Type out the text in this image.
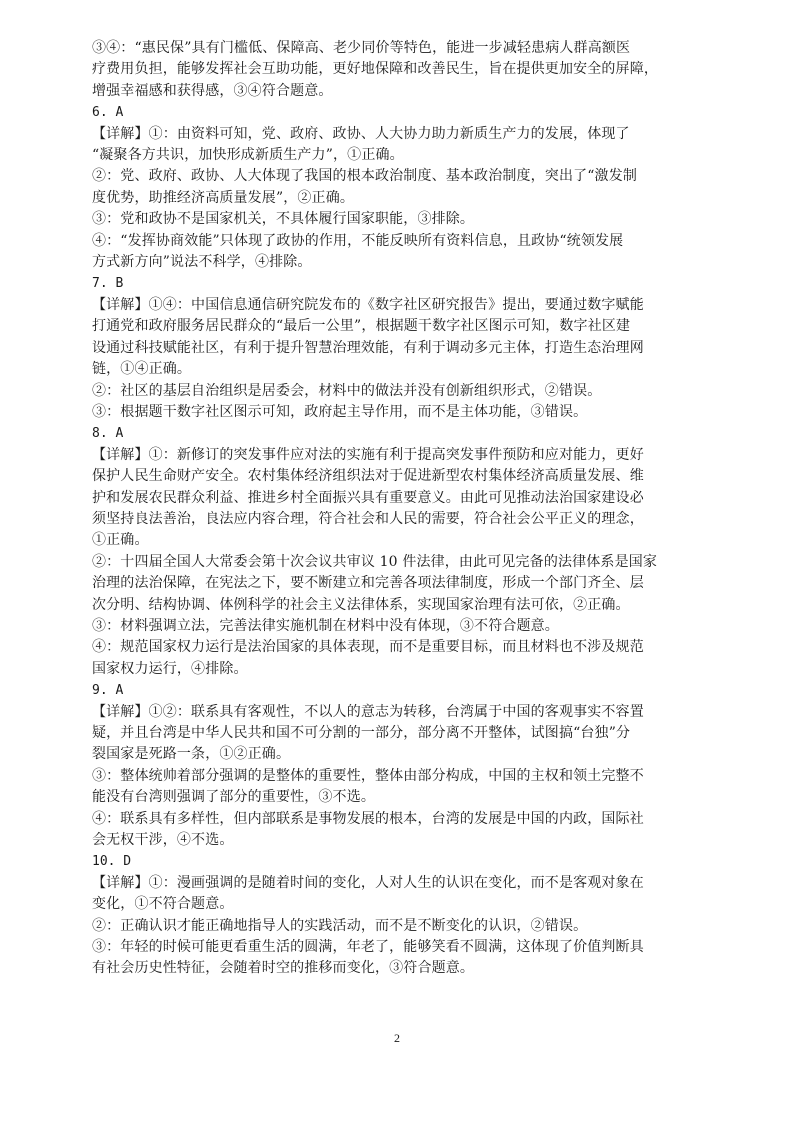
③④：“惠民保”具有门槛低、保障高、老少同价等特色，能进一步减轻患病人群高额医
疗费用负担，能够发挥社会互助功能，更好地保障和改善民生，旨在提供更加安全的屏障，
增强幸福感和获得感，③④符合题意。
6. A
【详解】①：由资料可知，党、政府、政协、人大协力助力新质生产力的发展，体现了
“凝聚各方共识，加快形成新质生产力”，①正确。
②：党、政府、政协、人大体现了我国的根本政治制度、基本政治制度，突出了“激发制
度优势，助推经济高质量发展”，②正确。
③：党和政协不是国家机关，不具体履行国家职能，③排除。
④：“发挥协商效能”只体现了政协的作用，不能反映所有资料信息，且政协“统领发展
方式新方向”说法不科学，④排除。
7. B
【详解】①④：中国信息通信研究院发布的《数字社区研究报告》提出，要通过数字赋能
打通党和政府服务居民群众的“最后一公里”，根据题干数字社区图示可知，数字社区建
设通过科技赋能社区，有利于提升智慧治理效能，有利于调动多元主体，打造生态治理网
链，①④正确。
②：社区的基层自治组织是居委会，材料中的做法并没有创新组织形式，②错误。
③：根据题干数字社区图示可知，政府起主导作用，而不是主体功能，③错误。
8. A
【详解】①：新修订的突发事件应对法的实施有利于提高突发事件预防和应对能力，更好
保护人民生命财产安全。农村集体经济组织法对于促进新型农村集体经济高质量发展、维
护和发展农民群众利益、推进乡村全面振兴具有重要意义。由此可见推动法治国家建设必
须坚持良法善治，良法应内容合理，符合社会和人民的需要，符合社会公平正义的理念，
①正确。
②：十四届全国人大常委会第十次会议共审议 10 件法律，由此可见完备的法律体系是国家
治理的法治保障，在宪法之下，要不断建立和完善各项法律制度，形成一个部门齐全、层
次分明、结构协调、体例科学的社会主义法律体系，实现国家治理有法可依，②正确。
③：材料强调立法，完善法律实施机制在材料中没有体现，③不符合题意。
④：规范国家权力运行是法治国家的具体表现，而不是重要目标，而且材料也不涉及规范
国家权力运行，④排除。
9. A
【详解】①②：联系具有客观性，不以人的意志为转移，台湾属于中国的客观事实不容置
疑，并且台湾是中华人民共和国不可分割的一部分，部分离不开整体，试图搞“台独”分
裂国家是死路一条，①②正确。
③：整体统帅着部分强调的是整体的重要性，整体由部分构成，中国的主权和领土完整不
能没有台湾则强调了部分的重要性，③不选。
④：联系具有多样性，但内部联系是事物发展的根本，台湾的发展是中国的内政，国际社
会无权干涉，④不选。
10. D
【详解】①：漫画强调的是随着时间的变化，人对人生的认识在变化，而不是客观对象在
变化，①不符合题意。
②：正确认识才能正确地指导人的实践活动，而不是不断变化的认识，②错误。
③：年轻的时候可能更看重生活的圆满，年老了，能够笑看不圆满，这体现了价值判断具
有社会历史性特征，会随着时空的推移而变化，③符合题意。
2
